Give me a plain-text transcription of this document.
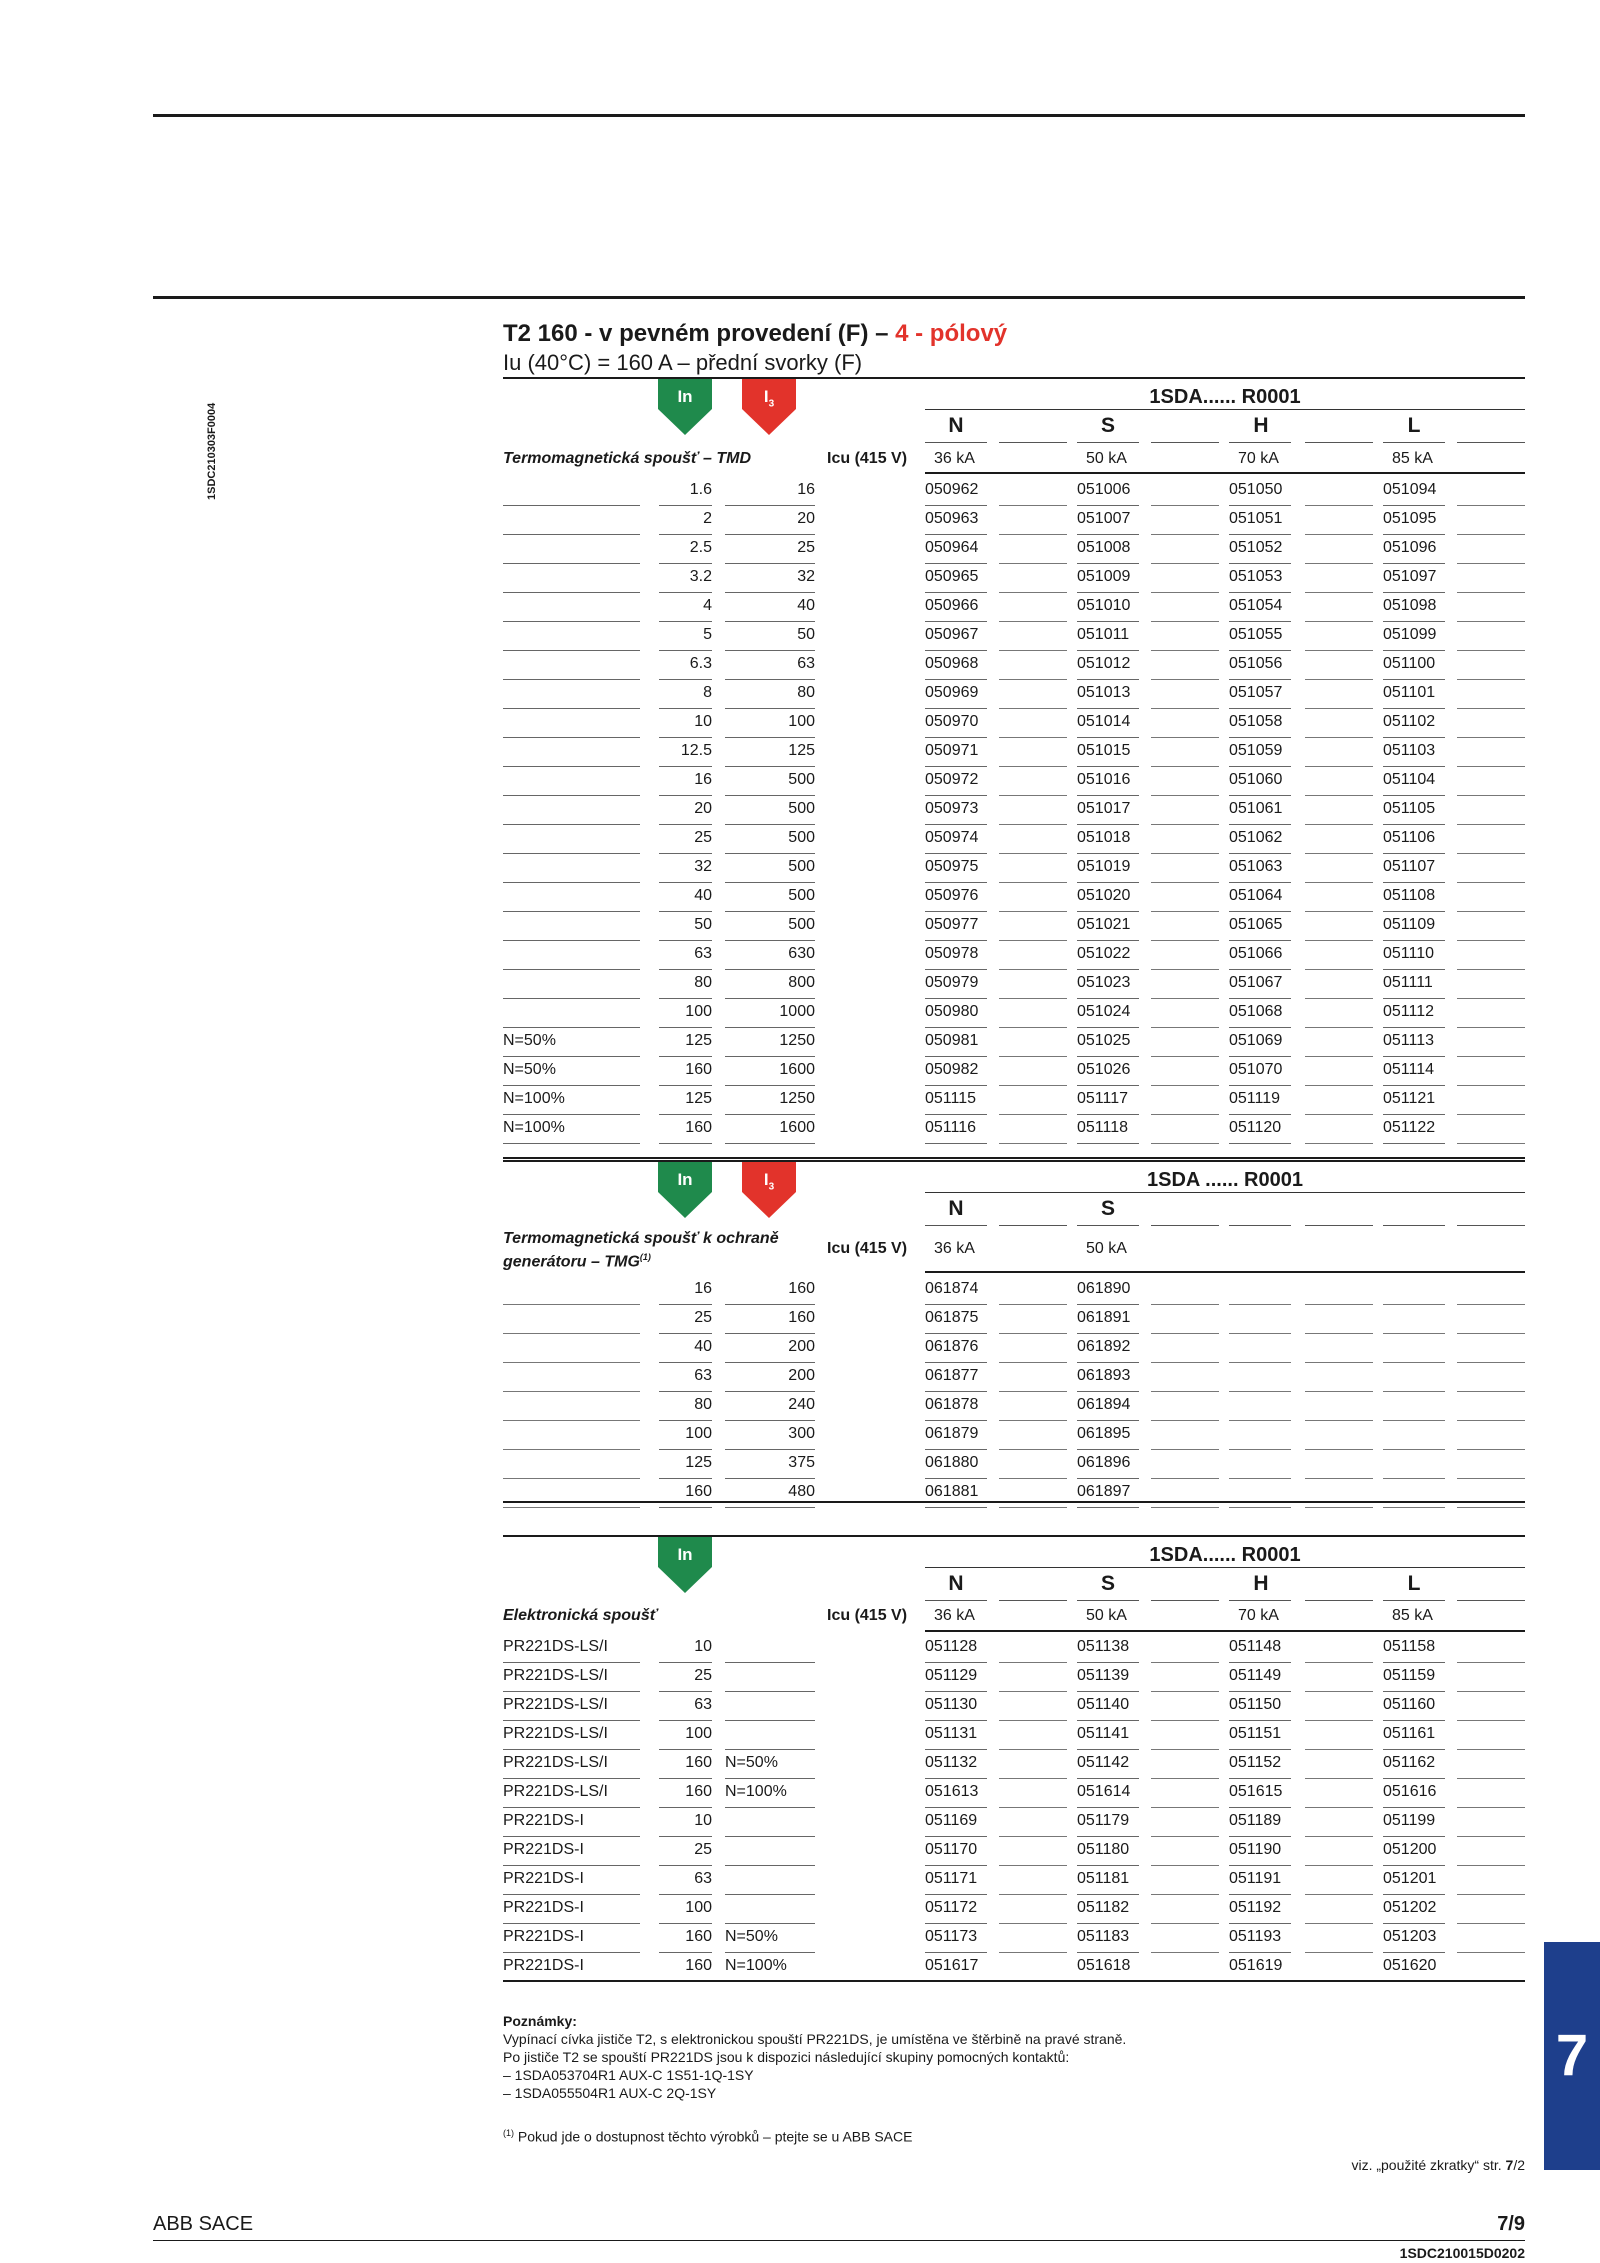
1SDC210303F0004
T2 160 - v pevném provedení (F) – 4 - pólový
Iu (40°C) = 160 A – přední svorky (F)
In	$I_3$	1SDA...... R0001
N	S	H	L
Termomagnetická spoušť – TMD	Icu (415 V) 36 kA	50 kA	70 kA	85 kA
1.6	16	050962	051006	051050	051094
2	20	050963	051007	051051	051095
2.5	25	050964	051008	051052	051096
3.2	32	050965	051009	051053	051097
4	40	050966	051010	051054	051098
5	50	050967	051011	051055	051099
6.3	63	050968	051012	051056	051100
8	80	050969	051013	051057	051101
10	100	050970	051014	051058	051102
12.5	125	050971	051015	051059	051103
16	500	050972	051016	051060	051104
20	500	050973	051017	051061	051105
25	500	050974	051018	051062	051106
32	500	050975	051019	051063	051107
40	500	050976	051020	051064	051108
50	500	050977	051021	051065	051109
63	630	050978	051022	051066	051110
80	800	050979	051023	051067	051111
100	1000	050980	051024	051068	051112
N=50%	125	1250	050981	051025	051069	051113
N=50%	160	1600	050982	051026	051070	051114
N=100%	125	1250	051115	051117	051119	051121
N=100%	160	1600	051116	051118	051120	051122
In	$I_3$	1SDA ...... R0001
N	S
Termomagnetická spoušť k ochraně
generátoru – TMG$^{(1)}$	Icu (415 V) 36 kA	50 kA
16	160	061874	061890
25	160	061875	061891
40	200	061876	061892
63	200	061877	061893
80	240	061878	061894
100	300	061879	061895
125	375	061880	061896
160	480	061881	061897
In	1SDA...... R0001
N	S	H	L
Elektronická spoušť	Icu (415 V) 36 kA	50 kA	70 kA	85 kA
PR221DS-LS/I	10	051128	051138	051148	051158
PR221DS-LS/I	25	051129	051139	051149	051159
PR221DS-LS/I	63	051130	051140	051150	051160
PR221DS-LS/I	100	051131	051141	051151	051161
PR221DS-LS/I	160 N=50%	051132	051142	051152	051162
PR221DS-LS/I	160 N=100%	051613	051614	051615	051616
PR221DS-I	10	051169	051179	051189	051199
PR221DS-I	25	051170	051180	051190	051200
PR221DS-I	63	051171	051181	051191	051201
PR221DS-I	100	051172	051182	051192	051202
PR221DS-I	160 N=50%	051173	051183	051193	051203
PR221DS-I	160 N=100%	051617	051618	051619	051620
Poznámky:
Vypínací cívka jističe T2, s elektronickou spouští PR221DS, je umístěna ve štěrbině na pravé straně.
Po jističe T2 se spouští PR221DS jsou k dispozici následující skupiny pomocných kontaktů:
– 1SDA053704R1 AUX-C 1S51-1Q-1SY
– 1SDA055504R1 AUX-C 2Q-1SY
$^{(1)}$ Pokud jde o dostupnost těchto výrobků – ptejte se u ABB SACE
viz. „použité zkratky“ str. 7/2
7
ABB SACE	7/9
1SDC210015D0202
